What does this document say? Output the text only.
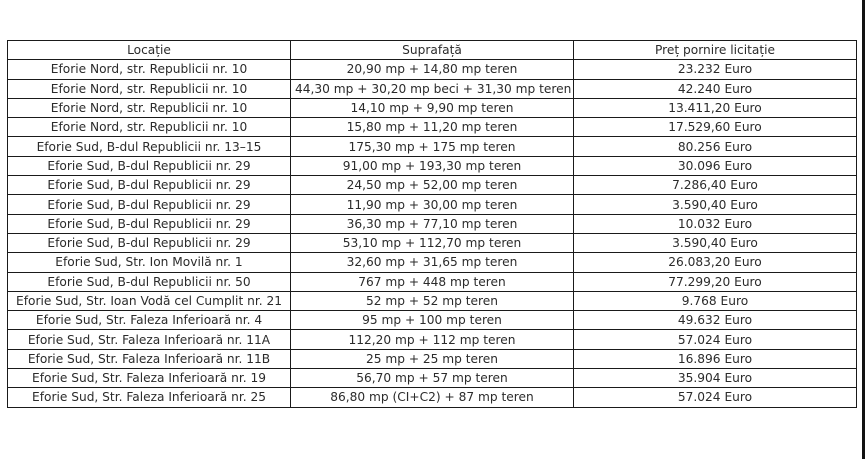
Locație	Suprafață	Preț pornire licitație
Eforie Nord, str. Republicii nr. 10	20,90 mp + 14,80 mp teren	23.232 Euro
Eforie Nord, str. Republicii nr. 10	44,30 mp + 30,20 mp beci + 31,30 mp teren	42.240 Euro
Eforie Nord, str. Republicii nr. 10	14,10 mp + 9,90 mp teren	13.411,20 Euro
Eforie Nord, str. Republicii nr. 10	15,80 mp + 11,20 mp teren	17.529,60 Euro
Eforie Sud, B-dul Republicii nr. 13–15	175,30 mp + 175 mp teren	80.256 Euro
Eforie Sud, B-dul Republicii nr. 29	91,00 mp + 193,30 mp teren	30.096 Euro
Eforie Sud, B-dul Republicii nr. 29	24,50 mp + 52,00 mp teren	7.286,40 Euro
Eforie Sud, B-dul Republicii nr. 29	11,90 mp + 30,00 mp teren	3.590,40 Euro
Eforie Sud, B-dul Republicii nr. 29	36,30 mp + 77,10 mp teren	10.032 Euro
Eforie Sud, B-dul Republicii nr. 29	53,10 mp + 112,70 mp teren	3.590,40 Euro
Eforie Sud, Str. Ion Movilă nr. 1	32,60 mp + 31,65 mp teren	26.083,20 Euro
Eforie Sud, B-dul Republicii nr. 50	767 mp + 448 mp teren	77.299,20 Euro
Eforie Sud, Str. Ioan Vodă cel Cumplit nr. 21	52 mp + 52 mp teren	9.768 Euro
Eforie Sud, Str. Faleza Inferioară nr. 4	95 mp + 100 mp teren	49.632 Euro
Eforie Sud, Str. Faleza Inferioară nr. 11A	112,20 mp + 112 mp teren	57.024 Euro
Eforie Sud, Str. Faleza Inferioară nr. 11B	25 mp + 25 mp teren	16.896 Euro
Eforie Sud, Str. Faleza Inferioară nr. 19	56,70 mp + 57 mp teren	35.904 Euro
Eforie Sud, Str. Faleza Inferioară nr. 25	86,80 mp (CI+C2) + 87 mp teren	57.024 Euro
